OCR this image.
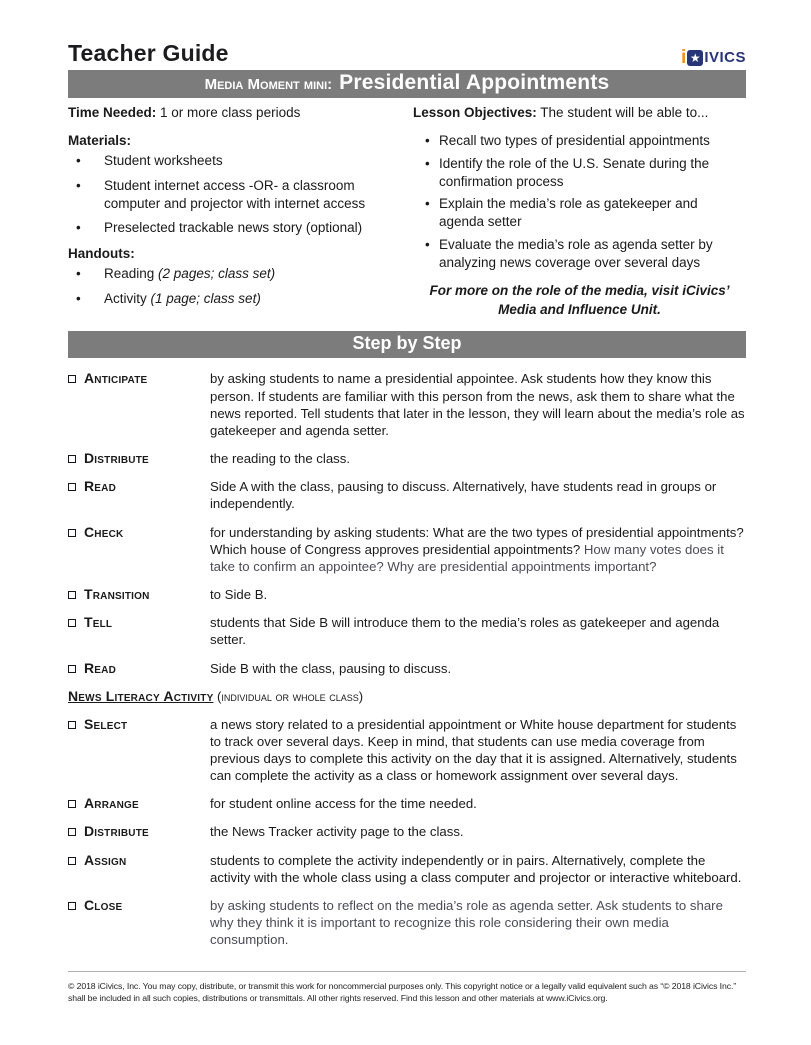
Teacher Guide	i ★ IVICS
Media Moment mini: Presidential Appointments
Time Needed: 1 or more class periods	Lesson Objectives: The student will be able to...
Materials:
• Student worksheets
• Student internet access -OR- a classroom computer and projector with internet access
• Preselected trackable news story (optional)
Handouts:
• Reading (2 pages; class set)
• Activity (1 page; class set)
• Recall two types of presidential appointments
• Identify the role of the U.S. Senate during the confirmation process
• Explain the media’s role as gatekeeper and agenda setter
• Evaluate the media’s role as agenda setter by analyzing news coverage over several days
For more on the role of the media, visit iCivics’ Media and Influence Unit.
Step by Step
Anticipate	by asking students to name a presidential appointee. Ask students how they know this person. If students are familiar with this person from the news, ask them to share what the news reported. Tell students that later in the lesson, they will learn about the media’s role as gatekeeper and agenda setter.
Distribute	the reading to the class.
Read	Side A with the class, pausing to discuss. Alternatively, have students read in groups or independently.
Check	for understanding by asking students: What are the two types of presidential appointments? Which house of Congress approves presidential appointments? How many votes does it take to confirm an appointee? Why are presidential appointments important?
Transition	to Side B.
Tell	students that Side B will introduce them to the media’s roles as gatekeeper and agenda setter.
Read	Side B with the class, pausing to discuss.
News Literacy Activity (individual or whole class)
Select	a news story related to a presidential appointment or White house department for students to track over several days. Keep in mind, that students can use media coverage from previous days to complete this activity on the day that it is assigned. Alternatively, students can complete the activity as a class or homework assignment over several days.
Arrange	for student online access for the time needed.
Distribute	the News Tracker activity page to the class.
Assign	students to complete the activity independently or in pairs. Alternatively, complete the activity with the whole class using a class computer and projector or interactive whiteboard.
Close	by asking students to reflect on the media’s role as agenda setter. Ask students to share why they think it is important to recognize this role considering their own media consumption.
© 2018 iCivics, Inc. You may copy, distribute, or transmit this work for noncommercial purposes only. This copyright notice or a legally valid equivalent such as “© 2018 iCivics Inc.” shall be included in all such copies, distributions or transmittals. All other rights reserved. Find this lesson and other materials at www.iCivics.org.
